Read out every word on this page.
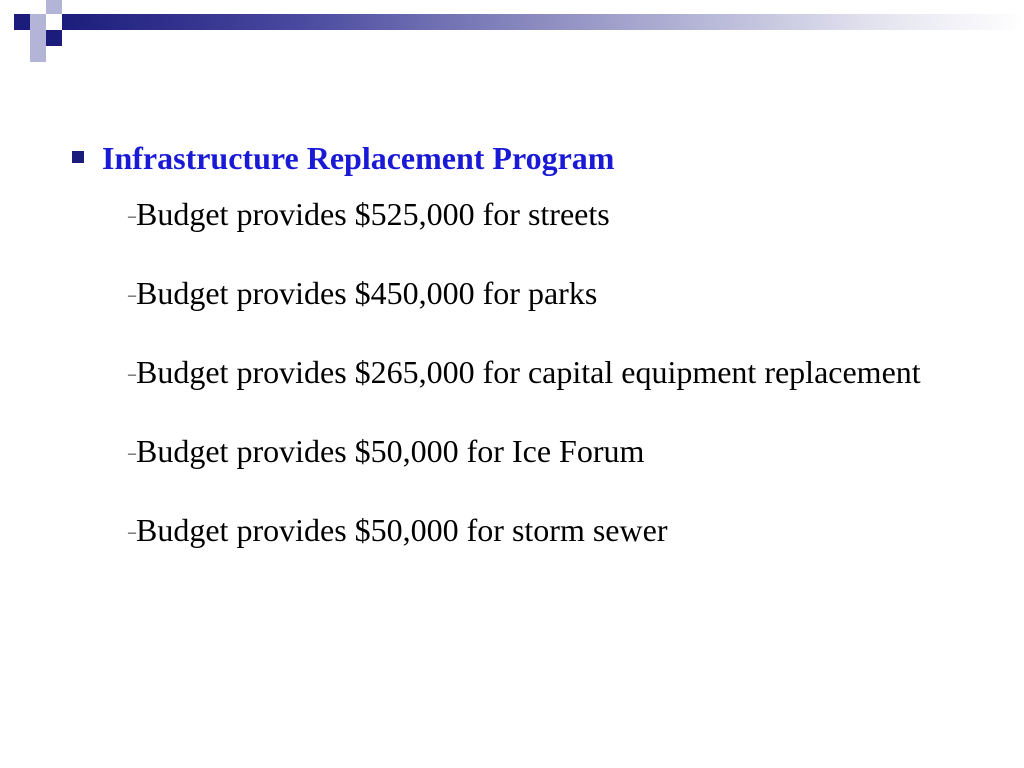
Infrastructure Replacement Program
–Budget provides $525,000 for streets
–Budget provides $450,000 for parks
–Budget provides $265,000 for capital equipment replacement
–Budget provides $50,000 for Ice Forum
–Budget provides $50,000 for storm sewer
